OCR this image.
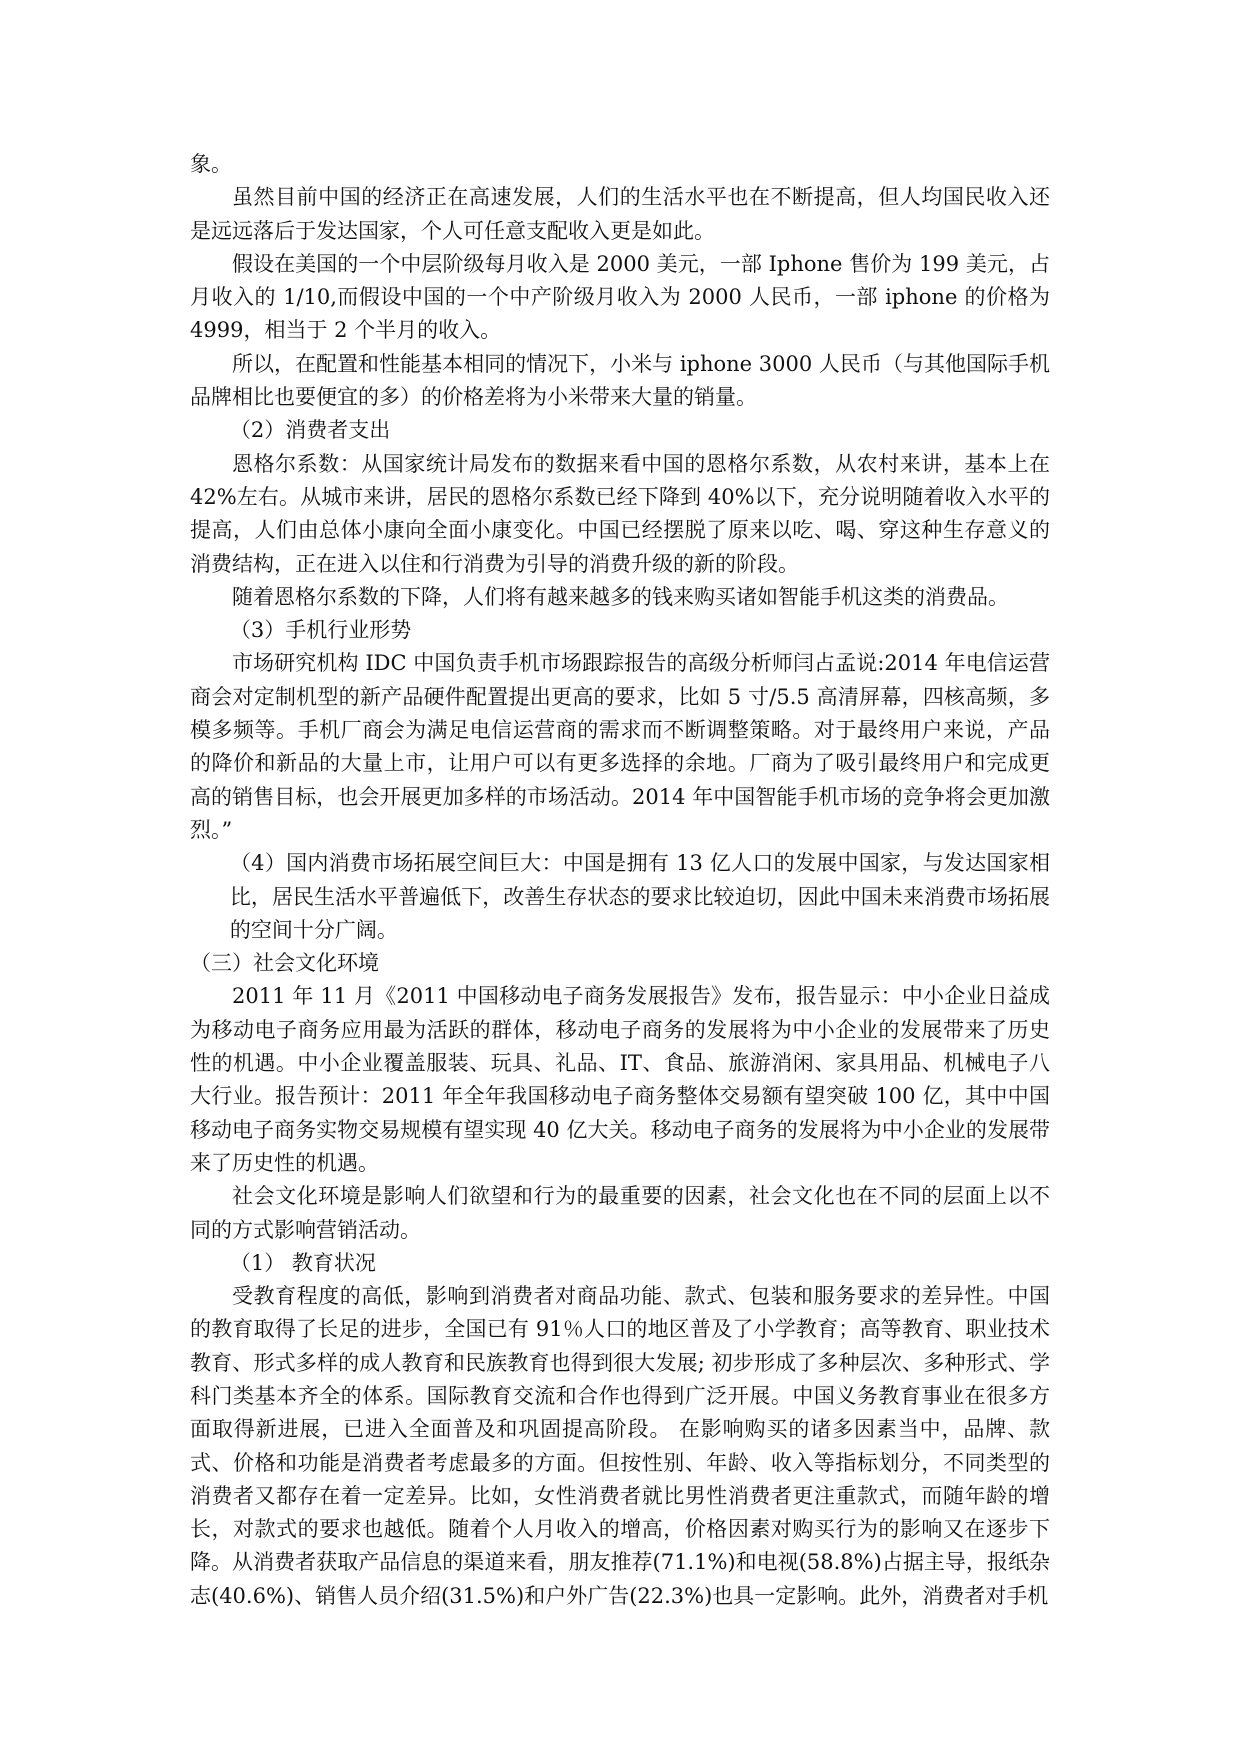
象。

虽然目前中国的经济正在高速发展，人们的生活水平也在不断提高，但人均国民收入还是远远落后于发达国家，个人可任意支配收入更是如此。

假设在美国的一个中层阶级每月收入是 2000 美元，一部 Iphone 售价为 199 美元，占月收入的 1/10,而假设中国的一个中产阶级月收入为 2000 人民币，一部 iphone 的价格为 4999，相当于 2 个半月的收入。

所以，在配置和性能基本相同的情况下，小米与 iphone 3000 人民币（与其他国际手机品牌相比也要便宜的多）的价格差将为小米带来大量的销量。

（2）消费者支出

恩格尔系数：从国家统计局发布的数据来看中国的恩格尔系数，从农村来讲，基本上在 42%左右。从城市来讲，居民的恩格尔系数已经下降到 40%以下，充分说明随着收入水平的提高，人们由总体小康向全面小康变化。中国已经摆脱了原来以吃、喝、穿这种生存意义的消费结构，正在进入以住和行消费为引导的消费升级的新的阶段。

随着恩格尔系数的下降，人们将有越来越多的钱来购买诸如智能手机这类的消费品。

（3）手机行业形势

市场研究机构 IDC 中国负责手机市场跟踪报告的高级分析师闫占孟说:2014 年电信运营商会对定制机型的新产品硬件配置提出更高的要求，比如 5 寸/5.5 高清屏幕，四核高频，多模多频等。手机厂商会为满足电信运营商的需求而不断调整策略。对于最终用户来说，产品的降价和新品的大量上市，让用户可以有更多选择的余地。厂商为了吸引最终用户和完成更高的销售目标，也会开展更加多样的市场活动。2014 年中国智能手机市场的竞争将会更加激烈。”

（4）国内消费市场拓展空间巨大：中国是拥有 13 亿人口的发展中国家，与发达国家相比，居民生活水平普遍低下，改善生存状态的要求比较迫切，因此中国未来消费市场拓展的空间十分广阔。

（三）社会文化环境

2011 年 11 月《2011 中国移动电子商务发展报告》发布，报告显示：中小企业日益成为移动电子商务应用最为活跃的群体，移动电子商务的发展将为中小企业的发展带来了历史性的机遇。中小企业覆盖服装、玩具、礼品、IT、食品、旅游消闲、家具用品、机械电子八大行业。报告预计：2011 年全年我国移动电子商务整体交易额有望突破 100 亿，其中中国移动电子商务实物交易规模有望实现 40 亿大关。移动电子商务的发展将为中小企业的发展带来了历史性的机遇。

社会文化环境是影响人们欲望和行为的最重要的因素，社会文化也在不同的层面上以不同的方式影响营销活动。

（1） 教育状况

受教育程度的高低，影响到消费者对商品功能、款式、包装和服务要求的差异性。中国的教育取得了长足的进步，全国已有 91％人口的地区普及了小学教育；高等教育、职业技术教育、形式多样的成人教育和民族教育也得到很大发展; 初步形成了多种层次、多种形式、学科门类基本齐全的体系。国际教育交流和合作也得到广泛开展。中国义务教育事业在很多方面取得新进展，已进入全面普及和巩固提高阶段。 在影响购买的诸多因素当中，品牌、款式、价格和功能是消费者考虑最多的方面。但按性别、年龄、收入等指标划分，不同类型的消费者又都存在着一定差异。比如，女性消费者就比男性消费者更注重款式，而随年龄的增长，对款式的要求也越低。随着个人月收入的增高，价格因素对购买行为的影响又在逐步下降。从消费者获取产品信息的渠道来看，朋友推荐(71.1%)和电视(58.8%)占据主导，报纸杂志(40.6%)、销售人员介绍(31.5%)和户外广告(22.3%)也具一定影响。此外，消费者对手机
